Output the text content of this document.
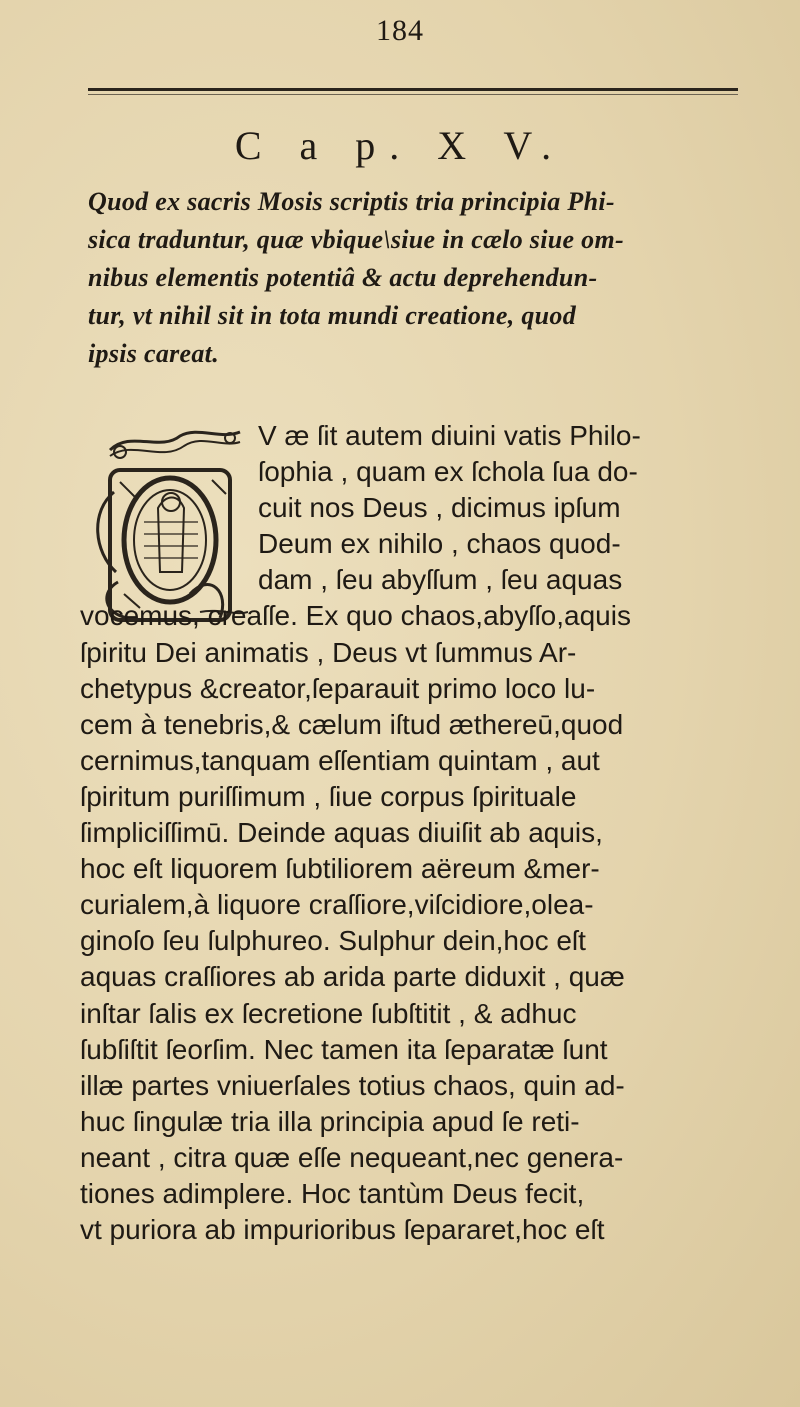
184
C a p. X V.
Quod ex sacris Mosis scriptis tria principia Phi-
sica traduntur, quæ vbique\siue in cælo siue om-
nibus elementis potentiâ & actu deprehendun-
tur, vt nihil sit in tota mundi creatione, quod
ipsis careat.
V æ ſit autem diuini vatis Philo-
ſophia , quam ex ſchola ſua do-
cuit nos Deus , dicimus ipſum
Deum ex nihilo , chaos quod-
dam , ſeu abyſſum , ſeu aquas
vocemus, creaſſe. Ex quo chaos,abyſſo,aquis
ſpiritu Dei animatis , Deus vt ſummus Ar-
chetypus &creator,ſeparauit primo loco lu-
cem à tenebris,& cælum iſtud æthereū,quod
cernimus,tanquam eſſentiam quintam , aut
ſpiritum puriſſimum , ſiue corpus ſpirituale
ſimpliciſſimū. Deinde aquas diuiſit ab aquis,
hoc eſt liquorem ſubtiliorem aëreum &mer-
curialem,à liquore craſſiore,viſcidiore,olea-
ginoſo ſeu ſulphureo. Sulphur dein,hoc eſt
aquas craſſiores ab arida parte diduxit , quæ
inſtar ſalis ex ſecretione ſubſtitit , & adhuc
ſubſiſtit ſeorſim. Nec tamen ita ſeparatæ ſunt
illæ partes vniuerſales totius chaos, quin ad-
huc ſingulæ tria illa principia apud ſe reti-
neant , citra quæ eſſe nequeant,nec genera-
tiones adimplere. Hoc tantùm Deus fecit,
vt puriora ab impurioribus ſepararet,hoc eſt
